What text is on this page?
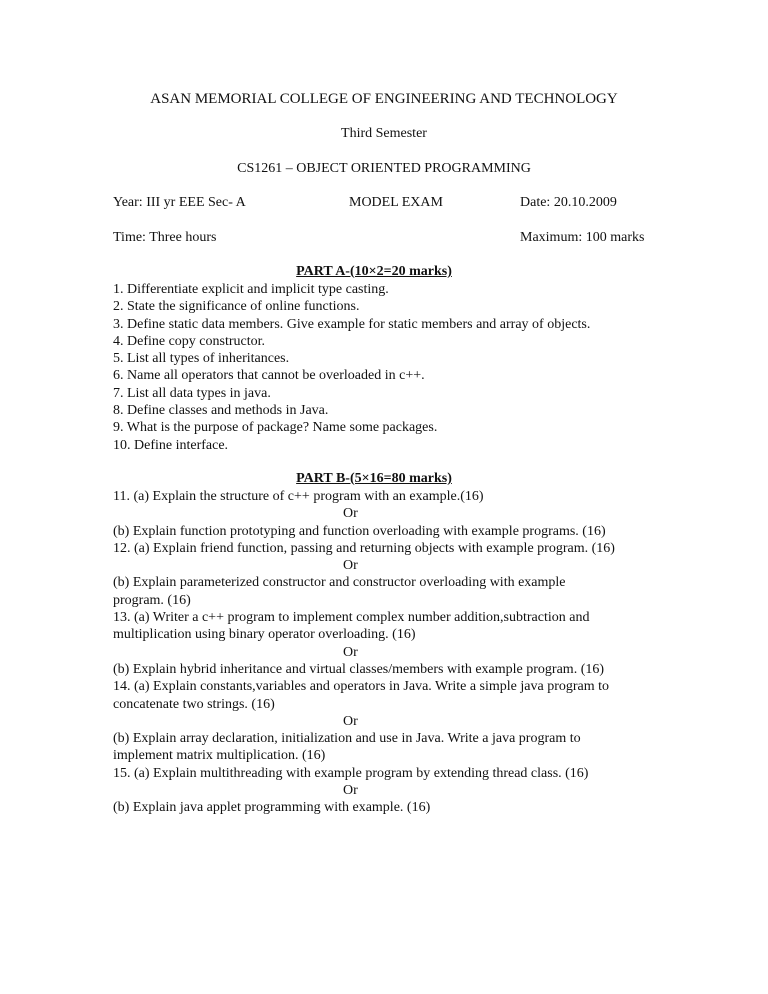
ASAN MEMORIAL COLLEGE OF ENGINEERING AND TECHNOLOGY
Third Semester
CS1261 – OBJECT ORIENTED PROGRAMMING
Year: III yr EEE Sec- A	MODEL EXAM	Date: 20.10.2009
Time: Three hours	Maximum: 100 marks
PART A-(10×2=20 marks)
1. Differentiate explicit and implicit type casting.
2. State the significance of online functions.
3. Define static data members. Give example for static members and array of objects.
4. Define copy constructor.
5. List all types of inheritances.
6. Name all operators that cannot be overloaded in c++.
7. List all data types in java.
8. Define classes and methods in Java.
9. What is the purpose of package? Name some packages.
10. Define interface.
PART B-(5×16=80 marks)
11. (a) Explain the structure of c++ program with an example.(16)
Or
(b) Explain function prototyping and function overloading with example programs. (16)
12. (a) Explain friend function, passing and returning objects with example program. (16)
Or
(b) Explain parameterized constructor and constructor overloading with example
program. (16)
13. (a) Writer a c++ program to implement complex number addition,subtraction and
multiplication using binary operator overloading. (16)
Or
(b) Explain hybrid inheritance and virtual classes/members with example program. (16)
14. (a) Explain constants,variables and operators in Java. Write a simple java program to
concatenate two strings. (16)
Or
(b) Explain array declaration, initialization and use in Java. Write a java program to
implement matrix multiplication. (16)
15. (a) Explain multithreading with example program by extending thread class. (16)
Or
(b) Explain java applet programming with example. (16)
